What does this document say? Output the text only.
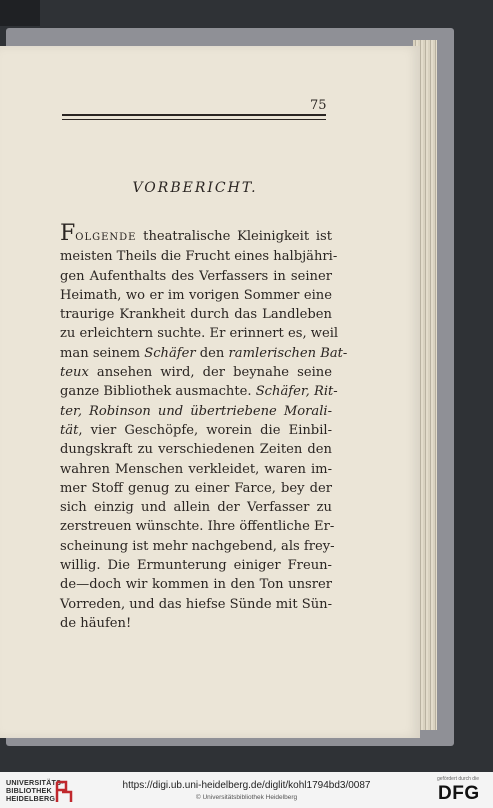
75
VORBERICHT.
FOLGENDE theatralische Kleinigkeit ist
meisten Theils die Frucht eines halbjähri-
gen Aufenthalts des Verfassers in seiner
Heimath, wo er im vorigen Sommer eine
traurige Krankheit durch das Landleben
zu erleichtern suchte. Er erinnert es, weil
man seinem Schäfer den ramlerischen Bat-
teux ansehen wird, der beynahe seine
ganze Bibliothek ausmachte. Schäfer, Rit-
ter, Robinson und übertriebene Morali-
tät, vier Geschöpfe, worein die Einbil-
dungskraft zu verschiedenen Zeiten den
wahren Menschen verkleidet, waren im-
mer Stoff genug zu einer Farce, bey der
sich einzig und allein der Verfasser zu
zerstreuen wünschte. Ihre öffentliche Er-
scheinung ist mehr nachgebend, als frey-
willig. Die Ermunterung einiger Freun-
de—doch wir kommen in den Ton unsrer
Vorreden, und das hiefse Sünde mit Sün-
de häufen!
UNIVERSITÄTS-
BIBLIOTHEK
HEIDELBERG
https://digi.ub.uni-heidelberg.de/diglit/kohl1794bd3/0087
© Universitätsbibliothek Heidelberg
gefördert durch die
DFG
